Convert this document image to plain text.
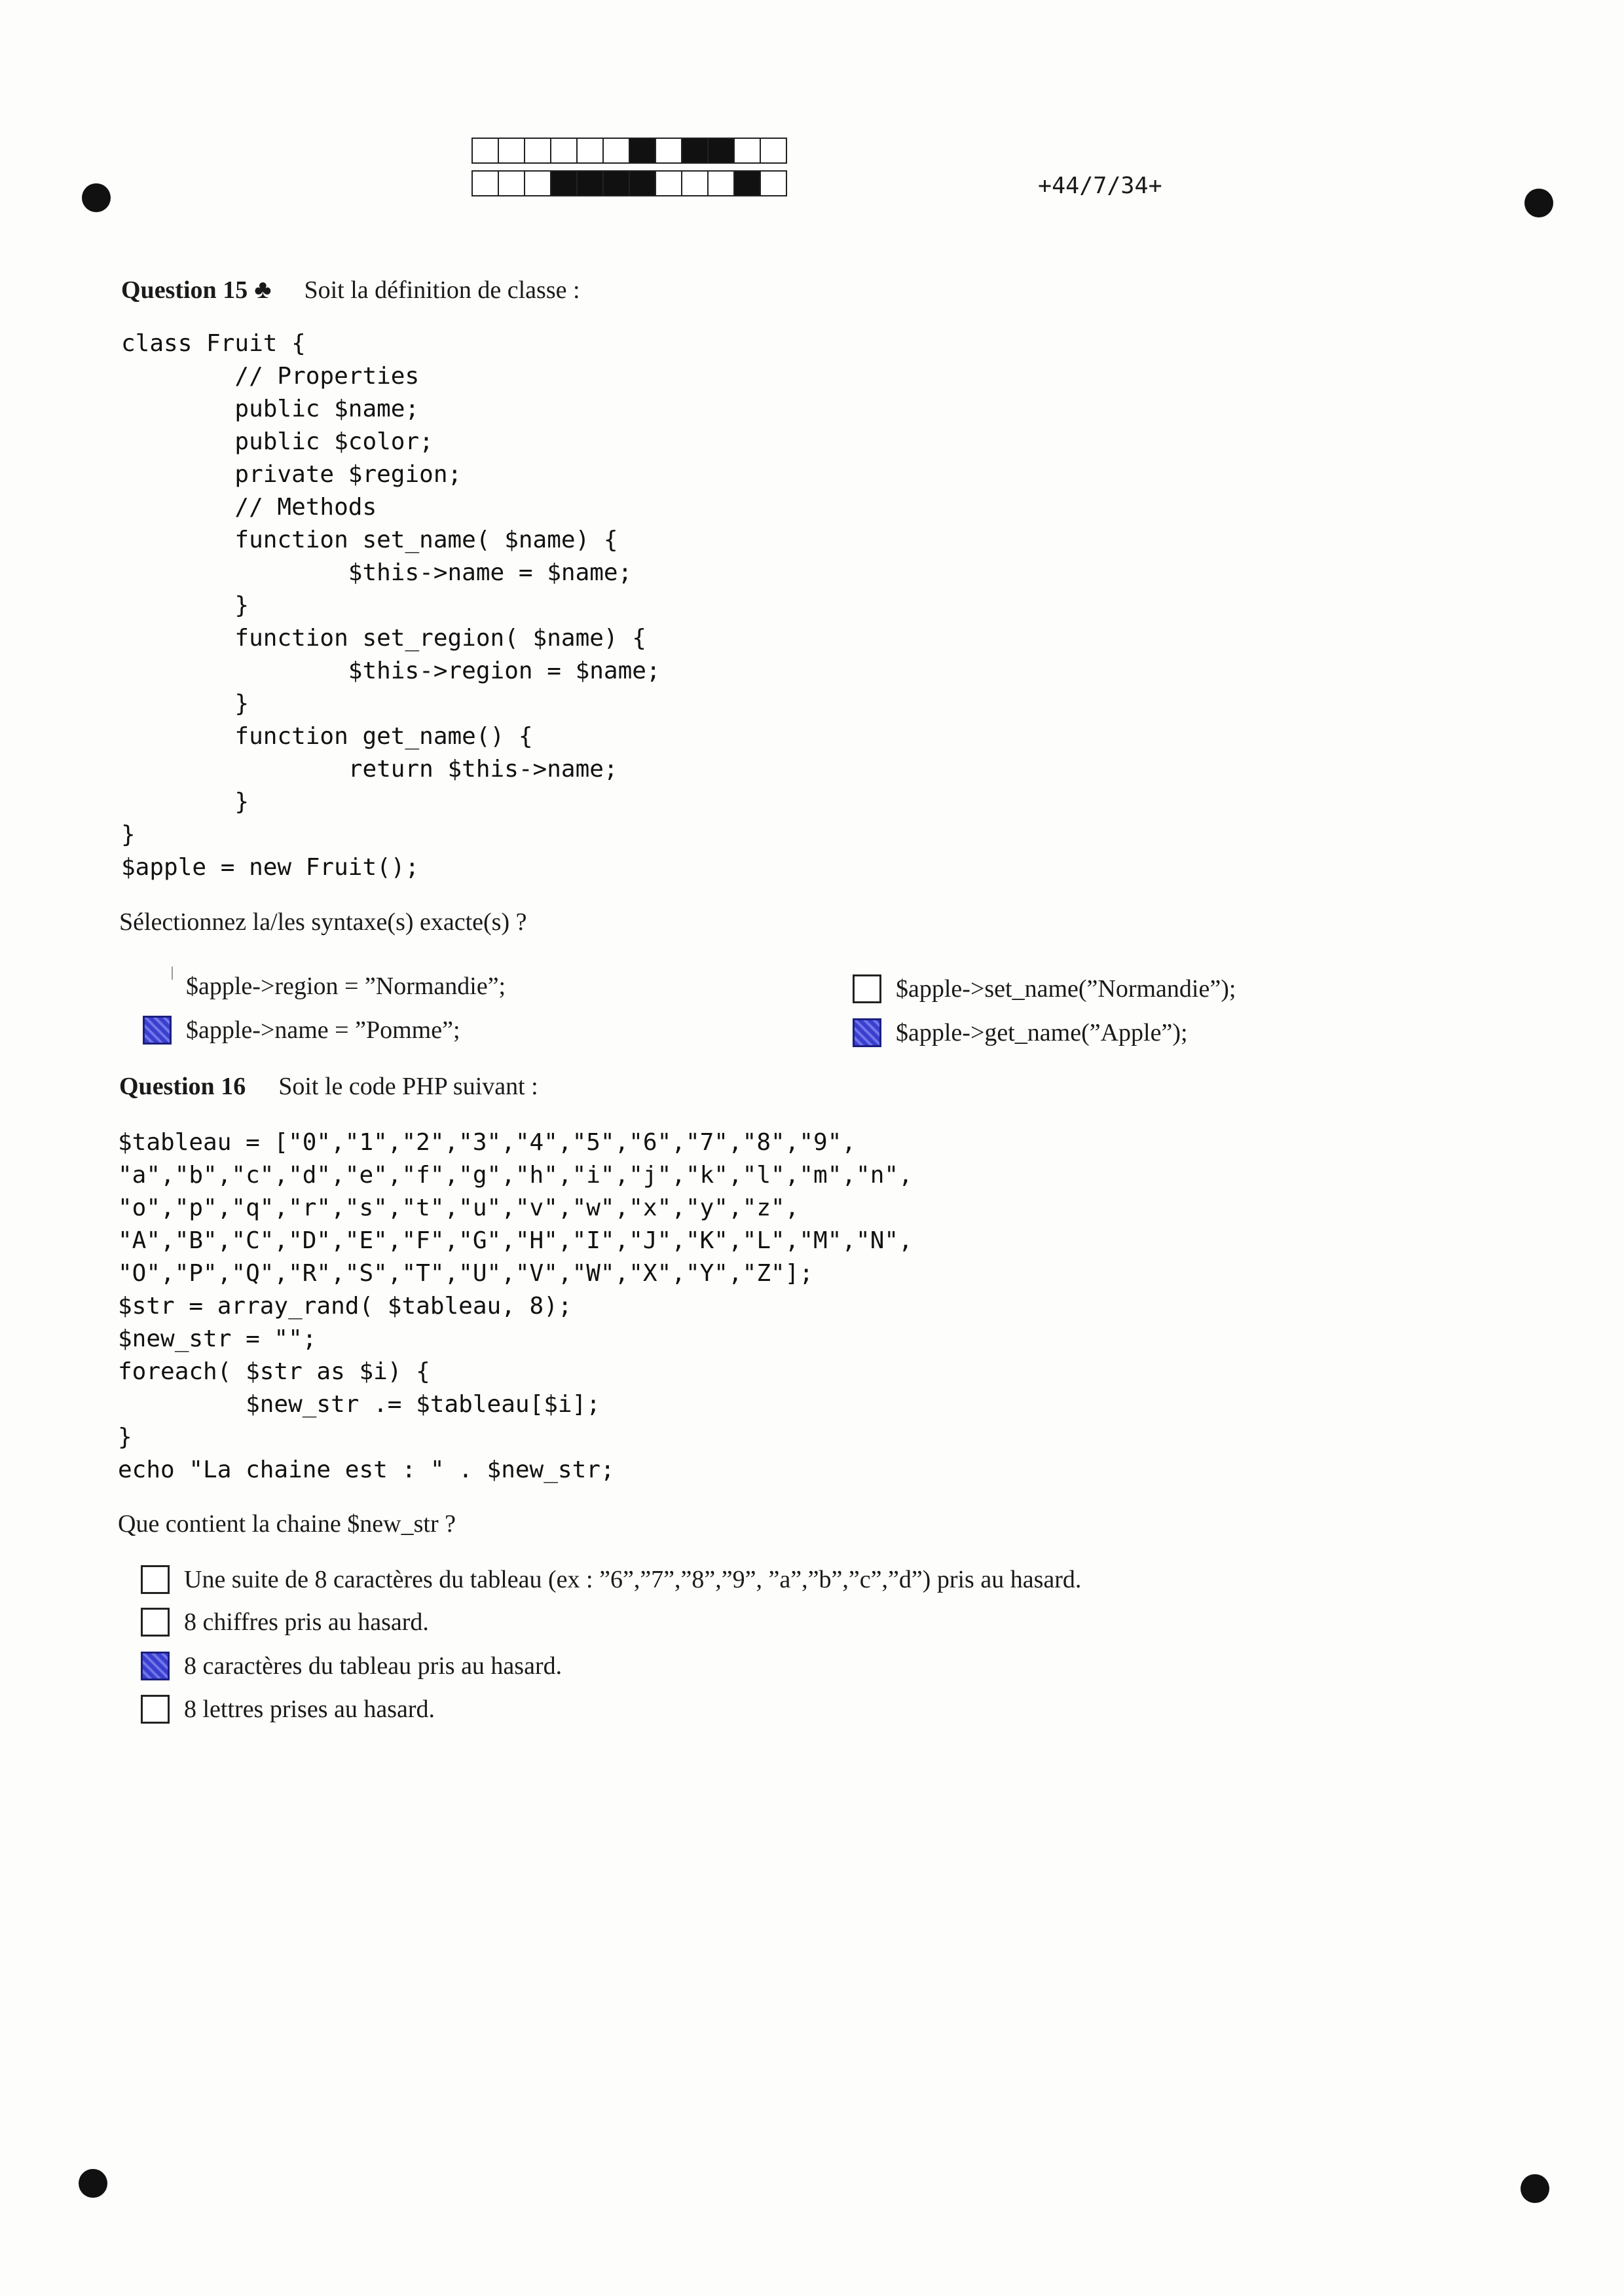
+44/7/34+
Question 15 ♣ Soit la définition de classe :
class Fruit {
// Properties
public $name;
public $color;
private $region;
// Methods
function set_name( $name) {
$this->name = $name;
}
function set_region( $name) {
$this->region = $name;
}
function get_name() {
return $this->name;
}
}
$apple = new Fruit();
Sélectionnez la/les syntaxe(s) exacte(s) ?
$apple->region = ”Normandie”;	$apple->set_name(”Normandie”);
$apple->name = ”Pomme”;	$apple->get_name(”Apple”);
Question 16 Soit le code PHP suivant :
$tableau = ["0","1","2","3","4","5","6","7","8","9",
"a","b","c","d","e","f","g","h","i","j","k","l","m","n",
"o","p","q","r","s","t","u","v","w","x","y","z",
"A","B","C","D","E","F","G","H","I","J","K","L","M","N",
"O","P","Q","R","S","T","U","V","W","X","Y","Z"];
$str = array_rand( $tableau, 8);
$new_str = "";
foreach( $str as $i) {
$new_str .= $tableau[$i];
}
echo "La chaine est : " . $new_str;
Que contient la chaine $new_str ?
Une suite de 8 caractères du tableau (ex : ”6”,”7”,”8”,”9”, ”a”,”b”,”c”,”d”) pris au hasard.
8 chiffres pris au hasard.
8 caractères du tableau pris au hasard.
8 lettres prises au hasard.
